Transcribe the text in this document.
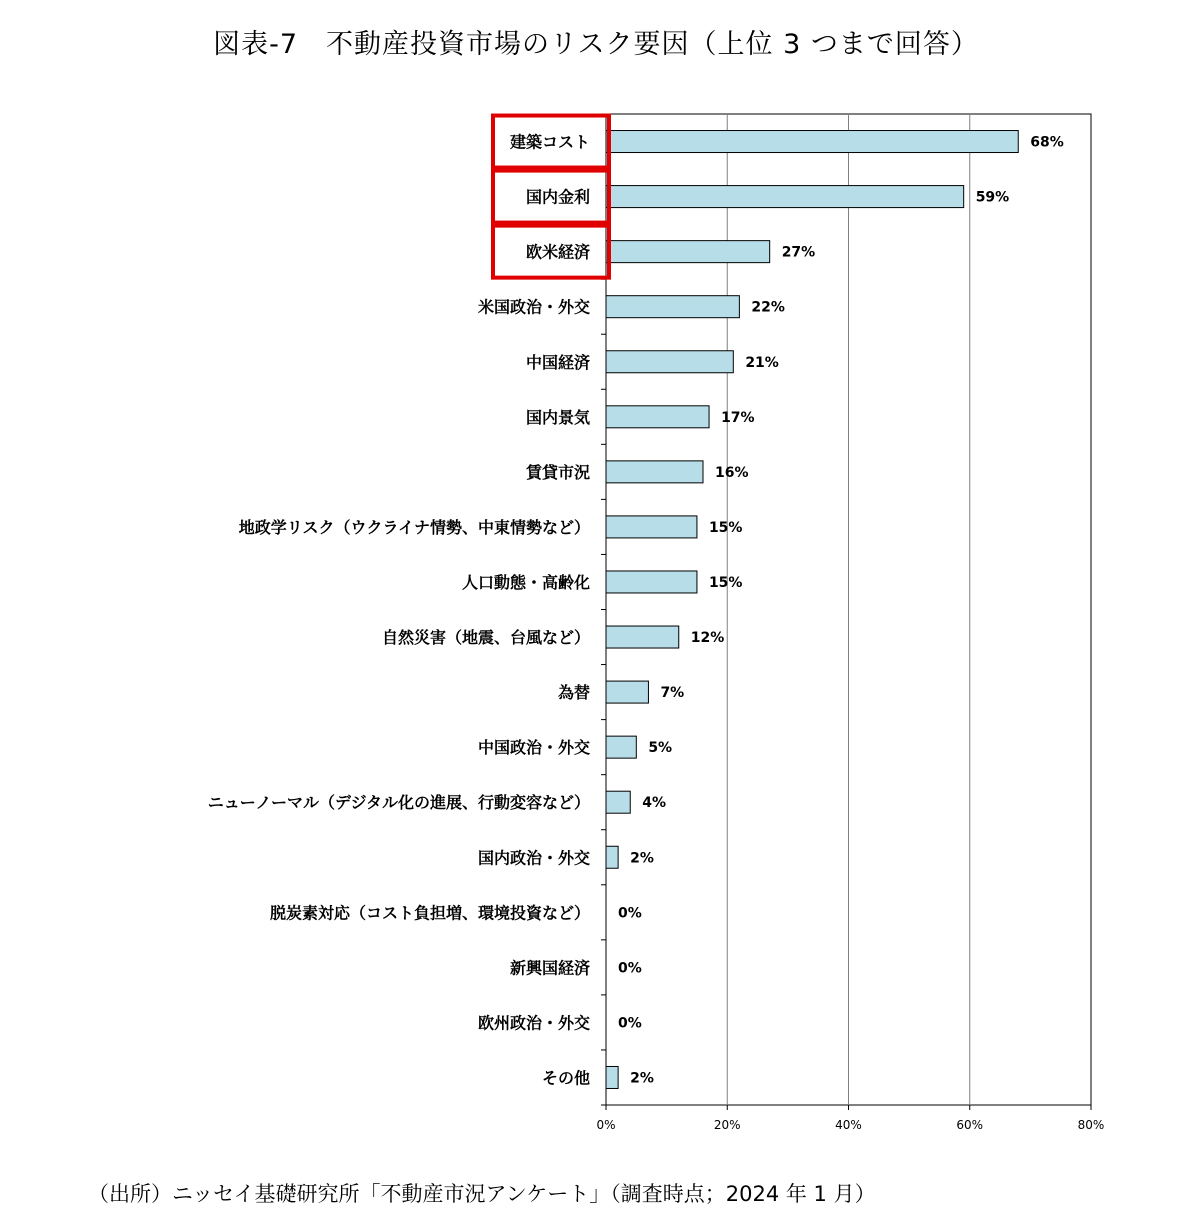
図表-7　不動産投資市場のリスク要因（上位 3 つまで回答）
0%	20%	40%	60%	80%
68%
建築コスト
59%
国内金利
27%
欧米経済
22%
米国政治・外交
21%
中国経済
17%
国内景気
16%
賃貸市況
15%
地政学リスク（ウクライナ情勢、中東情勢など）
15%
人口動態・高齢化
12%
自然災害（地震、台風など）
7%
為替
5%
中国政治・外交
4%
ニューノーマル（デジタル化の進展、行動変容など）
2%
国内政治・外交
0%
脱炭素対応（コスト負担増、環境投資など）
0%
新興国経済
0%
欧州政治・外交
2%
その他
（出所）ニッセイ基礎研究所「不動産市況アンケート」（調査時点；2024 年 1 月）
